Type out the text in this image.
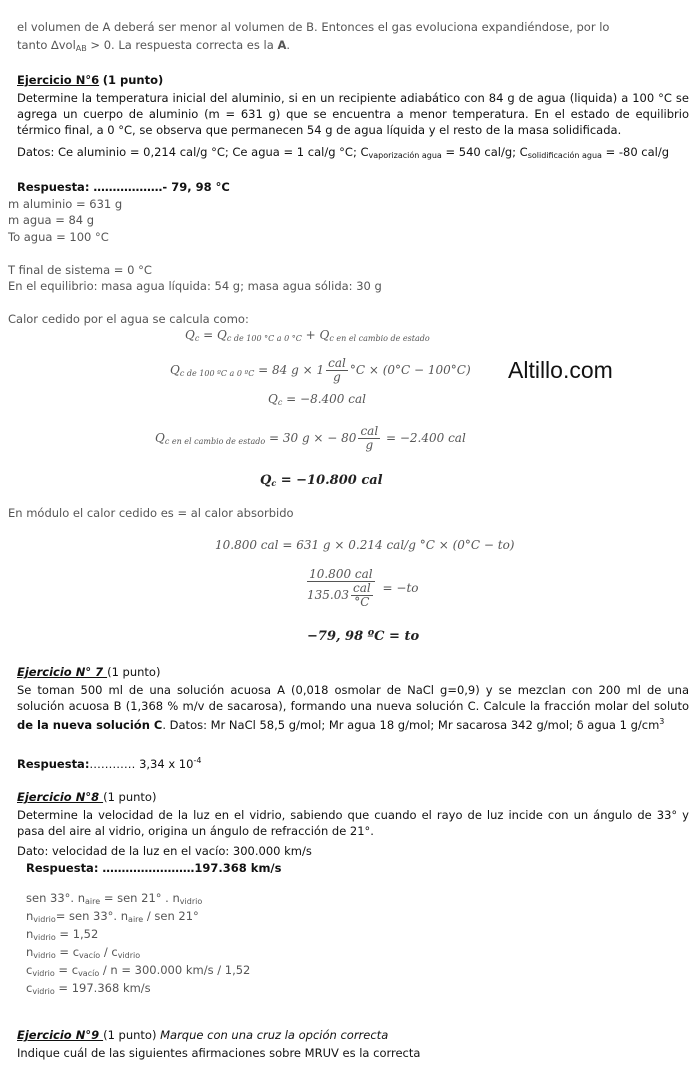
el volumen de A deberá ser menor al volumen de B. Entonces el gas evoluciona expandiéndose, por lo
tanto ∆vol$_{AB}$ > 0. La respuesta correcta es la A.
Ejercicio N°6 (1 punto)
Determine la temperatura inicial del aluminio, si en un recipiente adiabático con 84 g de agua (liquida) a 100 °C se agrega un cuerpo de aluminio (m = 631 g) que se encuentra a menor temperatura. En el estado de equilibrio térmico final, a 0 °C, se observa que permanecen 54 g de agua líquida y el resto de la masa solidificada.
Datos: Ce aluminio = 0,214 cal/g °C; Ce agua = 1 cal/g °C; $C_{vaporización agua} = 540$ cal/g; $C_{solidificación agua} = -80$ cal/g
Respuesta: ………………- 79, 98 °C
m aluminio = 631 g
m agua = 84 g
To agua = 100 °C
T final de sistema = 0 °C
En el equilibrio: masa agua líquida: 54 g; masa agua sólida: 30 g
Calor cedido por el agua se calcula como:
$Q_c = Q_{c de 100 ^\circ C a 0 ^\circ C} + Q_{c en el cambio de estado}$
$Q_{c de 100 ºC a 0 ºC} = 84$ $g \times 1 \frac{\text{cal}}{g} ^\circ C \times (0^\circ C - 100^\circ C)$
$Q_c = -8.400$ cal
$Q_{c en el cambio de estado} = 30$ g × − $80 \frac{\text{cal}}{g} = -2.400$ cal
$Q_c = -10.800$ cal
Altillo.com
En módulo el calor cedido es = al calor absorbido
10.800 cal = 631 g × 0.214 cal/g °C × (0°C − to)
$\frac{\text{10.800 cal}}{135.03 \frac{\text{cal}}{^\circ C}} = -to$
−79, 98 ºC = to
Ejercicio N° 7 (1 punto)
Se toman 500 ml de una solución acuosa A (0,018 osmolar de NaCl g=0,9) y se mezclan con 200 ml de una solución acuosa B (1,368 % m/v de sacarosa), formando una nueva solución C. Calcule la fracción molar del soluto de la nueva solución C. Datos: Mr NaCl 58,5 g/mol; Mr agua 18 g/mol; Mr sacarosa 342 g/mol; δ agua 1 $g/cm^3$
Respuesta:………… 3,34 x $10^{-4}$
Ejercicio N°8 (1 punto)
Determine la velocidad de la luz en el vidrio, sabiendo que cuando el rayo de luz incide con un ángulo de 33° y pasa del aire al vidrio, origina un ángulo de refracción de 21°.
Dato: velocidad de la luz en el vacío: 300.000 km/s
Respuesta: ……………………197.368 km/s
sen 33°. $n_{aire}$ = sen 21° . $n_{vidrio}$
$n_{vidrio}=$ sen 33°. $n_{aire}$ / sen 21°
$n_{vidrio} = 1,52$
$n_{vidrio} = c_{vacío} / c_{vidrio}$
$c_{vidrio} = c_{vacío} / n = 300.000$ km/s / 1,52
$c_{vidrio} = 197.368$ km/s
Ejercicio N°9 (1 punto) Marque con una cruz la opción correcta
Indique cuál de las siguientes afirmaciones sobre MRUV es la correcta
